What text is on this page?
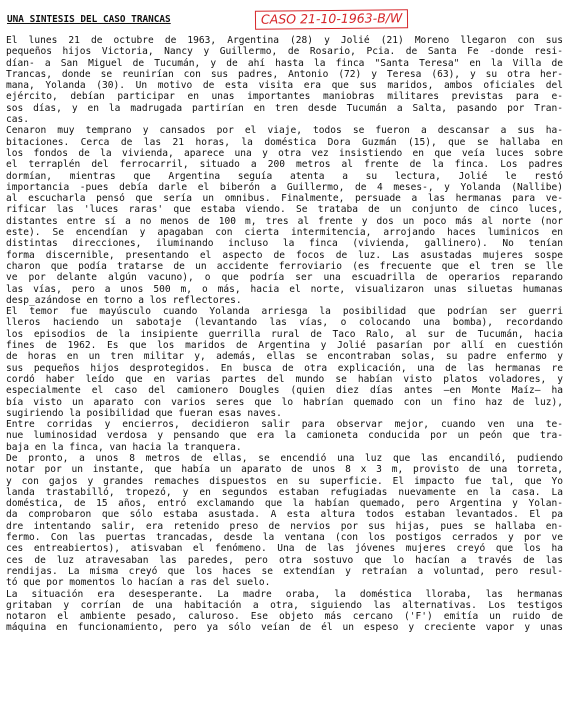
UNA SINTESIS DEL CASO TRANCAS	CASO 21-10-1963-B/W
El lunes 21 de octubre de 1963, Argentina (28) y Jolié (21) Moreno llegaron con sus
pequeños hijos Victoria, Nancy y Guillermo, de Rosario, Pcia. de Santa Fe -donde resi-
dían- a San Miguel de Tucumán, y de ahí hasta la finca "Santa Teresa" en la Villa de
Trancas, donde se reunirían con sus padres, Antonio (72) y Teresa (63), y su otra her-
mana, Yolanda (30). Un motivo de esta visita era que sus maridos, ambos oficiales del
ejército, debían participar en unas importantes maniobras militares previstas para e-
sos días, y en la madrugada partirían en tren desde Tucumán a Salta, pasando por Tran-
cas.
Cenaron muy temprano y cansados por el viaje, todos se fueron a descansar a sus ha-
bitaciones. Cerca de las 21 horas, la doméstica Dora Guzmán (15), que se hallaba en
los fondos de la vivienda, aparece una y otra vez insistiendo en que veía luces sobre
el terraplén del ferrocarril, situado a 200 metros al frente de la finca. Los padres
dormían, mientras que Argentina seguía atenta a su lectura, Jolié le restó
importancia -pues debía darle el biberón a Guillermo, de 4 meses-, y Yolanda (Nallibe)
al escucharla pensó que sería un omnibus. Finalmente, persuade a las hermanas para ve-
rificar las 'luces raras' que estaba viendo. Se trataba de un conjunto de cinco luces,
distantes entre sí a no menos de 100 m, tres al frente y dos un poco más al norte (nor
este). Se encendían y apagaban con cierta intermitencia, arrojando haces luminicos en
distintas direcciones, iluminando incluso la finca (vivienda, gallinero). No tenían
forma discernible, presentando el aspecto de focos de luz. Las asustadas mujeres sospe
charon que podía tratarse de un accidente ferroviario (es frecuente que el tren se lle
ve por delante algún vacuno), o que podría ser una escuadrilla de operarios reparando
las vías, pero a unos 500 m, o más, hacia el norte, visualizaron unas siluetas humanas
desp_azándose en torno a los reflectores.
El temor fue mayúsculo cuando Yolanda arriesga la posibilidad que podrían ser guerri
lleros haciendo un sabotaje (levantando las vías, o colocando una bomba), recordando
los episodios de la insipiente guerrilla rural de Taco Ralo, al sur de Tucumán, hacia
fines de 1962. Es que los maridos de Argentina y Jolié pasarían por allí en cuestión
de horas en un tren militar y, además, ellas se encontraban solas, su padre enfermo y
sus pequeños hijos desprotegidos. En busca de otra explicación, una de las hermanas re
cordó haber leído que en varias partes del mundo se habían visto platos voladores, y
especialmente el caso del camionero Dougles (quien diez días antes —en Monte Maíz— ha
bía visto un aparato con varios seres que lo habrían quemado con un fino haz de luz),
sugiriendo la posibilidad que fueran esas naves.
Entre corridas y encierros, decidieron salir para observar mejor, cuando ven una te-
nue luminosidad verdosa y pensando que era la camioneta conducida por un peón que tra-
baja en la finca, van hacia la tranquera.
De pronto, a unos 8 metros de ellas, se encendió una luz que las encandiló, pudiendo
notar por un instante, que había un aparato de unos 8 x 3 m, provisto de una torreta,
y con gajos y grandes remaches dispuestos en su superficie. El impacto fue tal, que Yo
landa trastabilló, tropezó, y en segundos estaban refugiadas nuevamente en la casa. La
doméstica, de 15 años, entró exclamando que la habían quemado, pero Argentina y Yolan-
da comprobaron que sólo estaba asustada. A esta altura todos estaban levantados. El pa
dre intentando salir, era retenido preso de nervios por sus hijas, pues se hallaba en-
fermo. Con las puertas trancadas, desde la ventana (con los postigos cerrados y por ve
ces entreabiertos), atisvaban el fenómeno. Una de las jóvenes mujeres creyó que los ha
ces de luz atravesaban las paredes, pero otra sostuvo que lo hacían a través de las
rendijas. La misma creyó que los haces se extendían y retraían a voluntad, pero resul-
tó que por momentos lo hacían a ras del suelo.
La situación era desesperante. La madre oraba, la doméstica lloraba, las hermanas
gritaban y corrían de una habitación a otra, siguiendo las alternativas. Los testigos
notaron el ambiente pesado, caluroso. Ese objeto más cercano ('F') emitía un ruido de
máquina en funcionamiento, pero ya sólo veían de él un espeso y creciente vapor y unas
